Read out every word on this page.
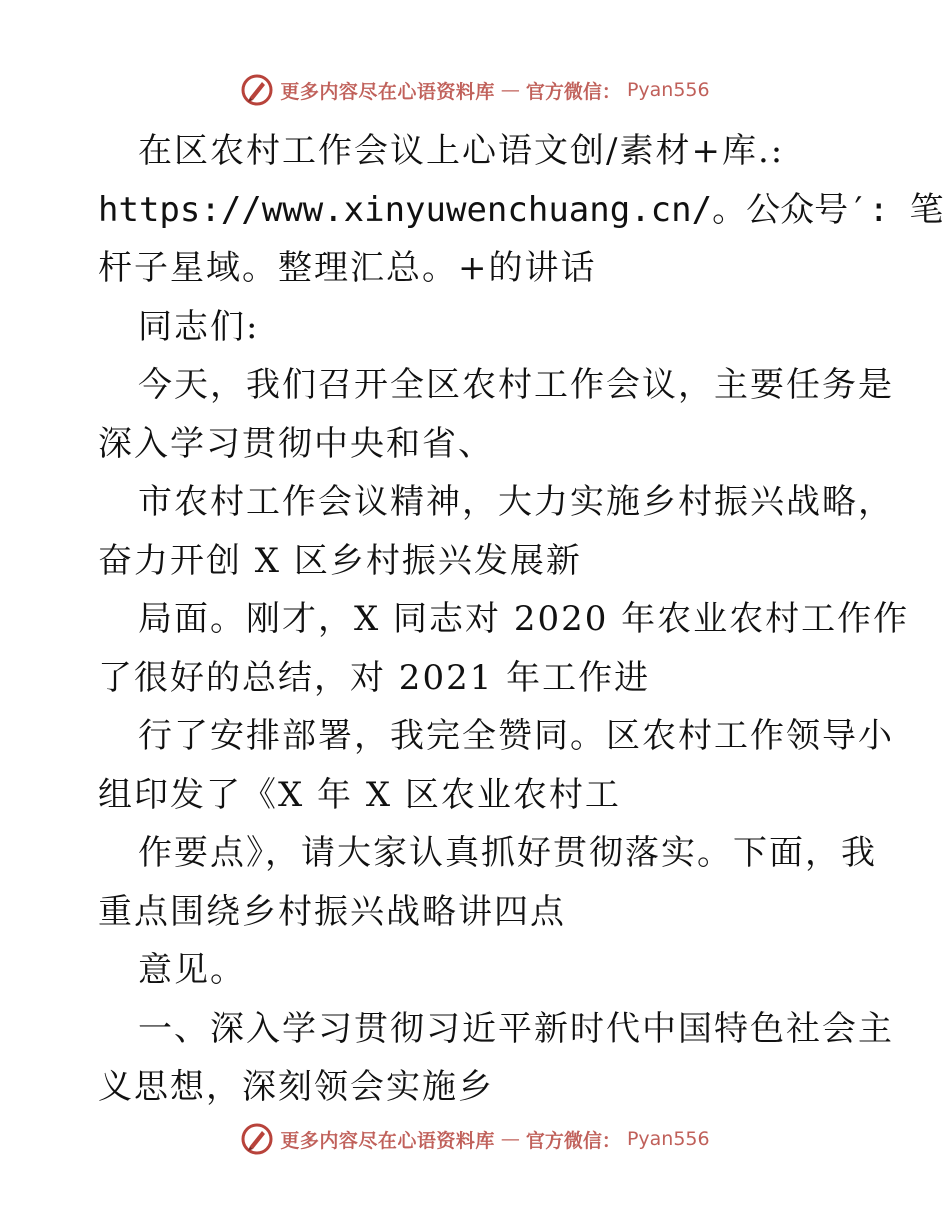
更多内容尽在心语资料库 — 官方微信： Pyan556
在区农村工作会议上心语文创/素材+库.:
https://www.xinyuwenchuang.cn/。公众号′: 笔
杆子星域。整理汇总。+的讲话
同志们:
今天，我们召开全区农村工作会议，主要任务是
深入学习贯彻中央和省、
市农村工作会议精神，大力实施乡村振兴战略，
奋力开创 X 区乡村振兴发展新
局面。刚才，X 同志对 2020 年农业农村工作作
了很好的总结，对 2021 年工作进
行了安排部署，我完全赞同。区农村工作领导小
组印发了《X 年 X 区农业农村工
作要点》，请大家认真抓好贯彻落实。下面，我
重点围绕乡村振兴战略讲四点
意见。
一、深入学习贯彻习近平新时代中国特色社会主
义思想，深刻领会实施乡
更多内容尽在心语资料库 — 官方微信： Pyan556
